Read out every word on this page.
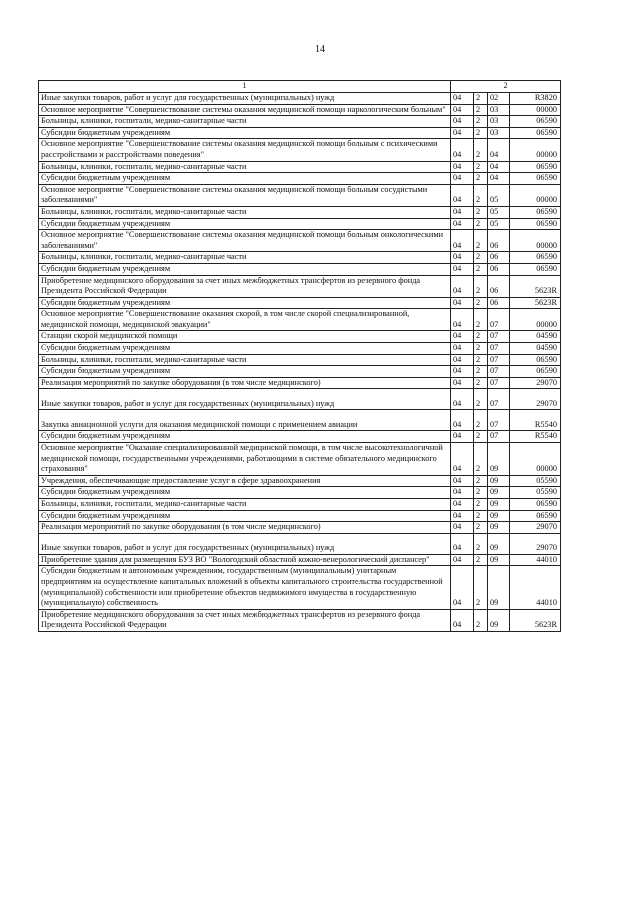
14
1	2			
Иные закупки товаров, работ и услуг для государственных (муниципальных) нужд	04	2	02	R3820
Основное мероприятие "Совершенствование системы оказания медицинской помощи наркологическим больным"	04	2	03	00000
Больницы, клиники, госпитали, медико-санитарные части	04	2	03	06590
Субсидии бюджетным учреждениям	04	2	03	06590
Основное мероприятие "Совершенствование системы оказания медицинской помощи больным с психическими расстройствами и расстройствами поведения"	04	2	04	00000
Больницы, клиники, госпитали, медико-санитарные части	04	2	04	06590
Субсидии бюджетным учреждениям	04	2	04	06590
Основное мероприятие "Совершенствование системы оказания медицинской помощи больным сосудистыми заболеваниями"	04	2	05	00000
Больницы, клиники, госпитали, медико-санитарные части	04	2	05	06590
Субсидии бюджетным учреждениям	04	2	05	06590
Основное мероприятие "Совершенствование системы оказания медицинской помощи больным онкологическими заболеваниями"	04	2	06	00000
Больницы, клиники, госпитали, медико-санитарные части	04	2	06	06590
Субсидии бюджетным учреждениям	04	2	06	06590
Приобретение медицинского оборудования за счет иных межбюджетных трансфертов из резервного фонда Президента Российской Федерации	04	2	06	5623R
Субсидии бюджетным учреждениям	04	2	06	5623R
Основное мероприятие "Совершенствование оказания скорой, в том числе скорой специализированной, медицинской помощи, медицинской эвакуации"	04	2	07	00000
Станции скорой медицинской помощи	04	2	07	04590
Субсидии бюджетным учреждениям	04	2	07	04590
Больницы, клиники, госпитали, медико-санитарные части	04	2	07	06590
Субсидии бюджетным учреждениям	04	2	07	06590
Реализация мероприятий по закупке оборудования (в том числе медицинского)	04	2	07	29070
Иные закупки товаров, работ и услуг для государственных (муниципальных) нужд	04	2	07	29070
Закупка авиационной услуги для оказания медицинской помощи с применением авиации	04	2	07	R5540
Субсидии бюджетным учреждениям	04	2	07	R5540
Основное мероприятие "Оказание специализированной медицинской помощи, в том числе высокотехнологичной медицинской помощи, государственными учреждениями, работающими в системе обязательного медицинского страхования"	04	2	09	00000
Учреждения, обеспечивающие предоставление услуг в сфере здравоохранения	04	2	09	05590
Субсидии бюджетным учреждениям	04	2	09	05590
Больницы, клиники, госпитали, медико-санитарные части	04	2	09	06590
Субсидии бюджетным учреждениям	04	2	09	06590
Реализация мероприятий по закупке оборудования (в том числе медицинского)	04	2	09	29070
Иные закупки товаров, работ и услуг для государственных (муниципальных) нужд	04	2	09	29070
Приобретение здания для размещения БУЗ ВО "Вологодский областной кожно-венерологический диспансер"	04	2	09	44010
Субсидии бюджетным и автономным учреждениям, государственным (муниципальным) унитарным предприятиям на осуществление капитальных вложений в объекты капитального строительства государственной (муниципальной) собственности или приобретение объектов недвижимого имущества в государственную (муниципальную) собственность	04	2	09	44010
Приобретение медицинского оборудования за счет иных межбюджетных трансфертов из резервного фонда Президента Российской Федерации	04	2	09	5623R
